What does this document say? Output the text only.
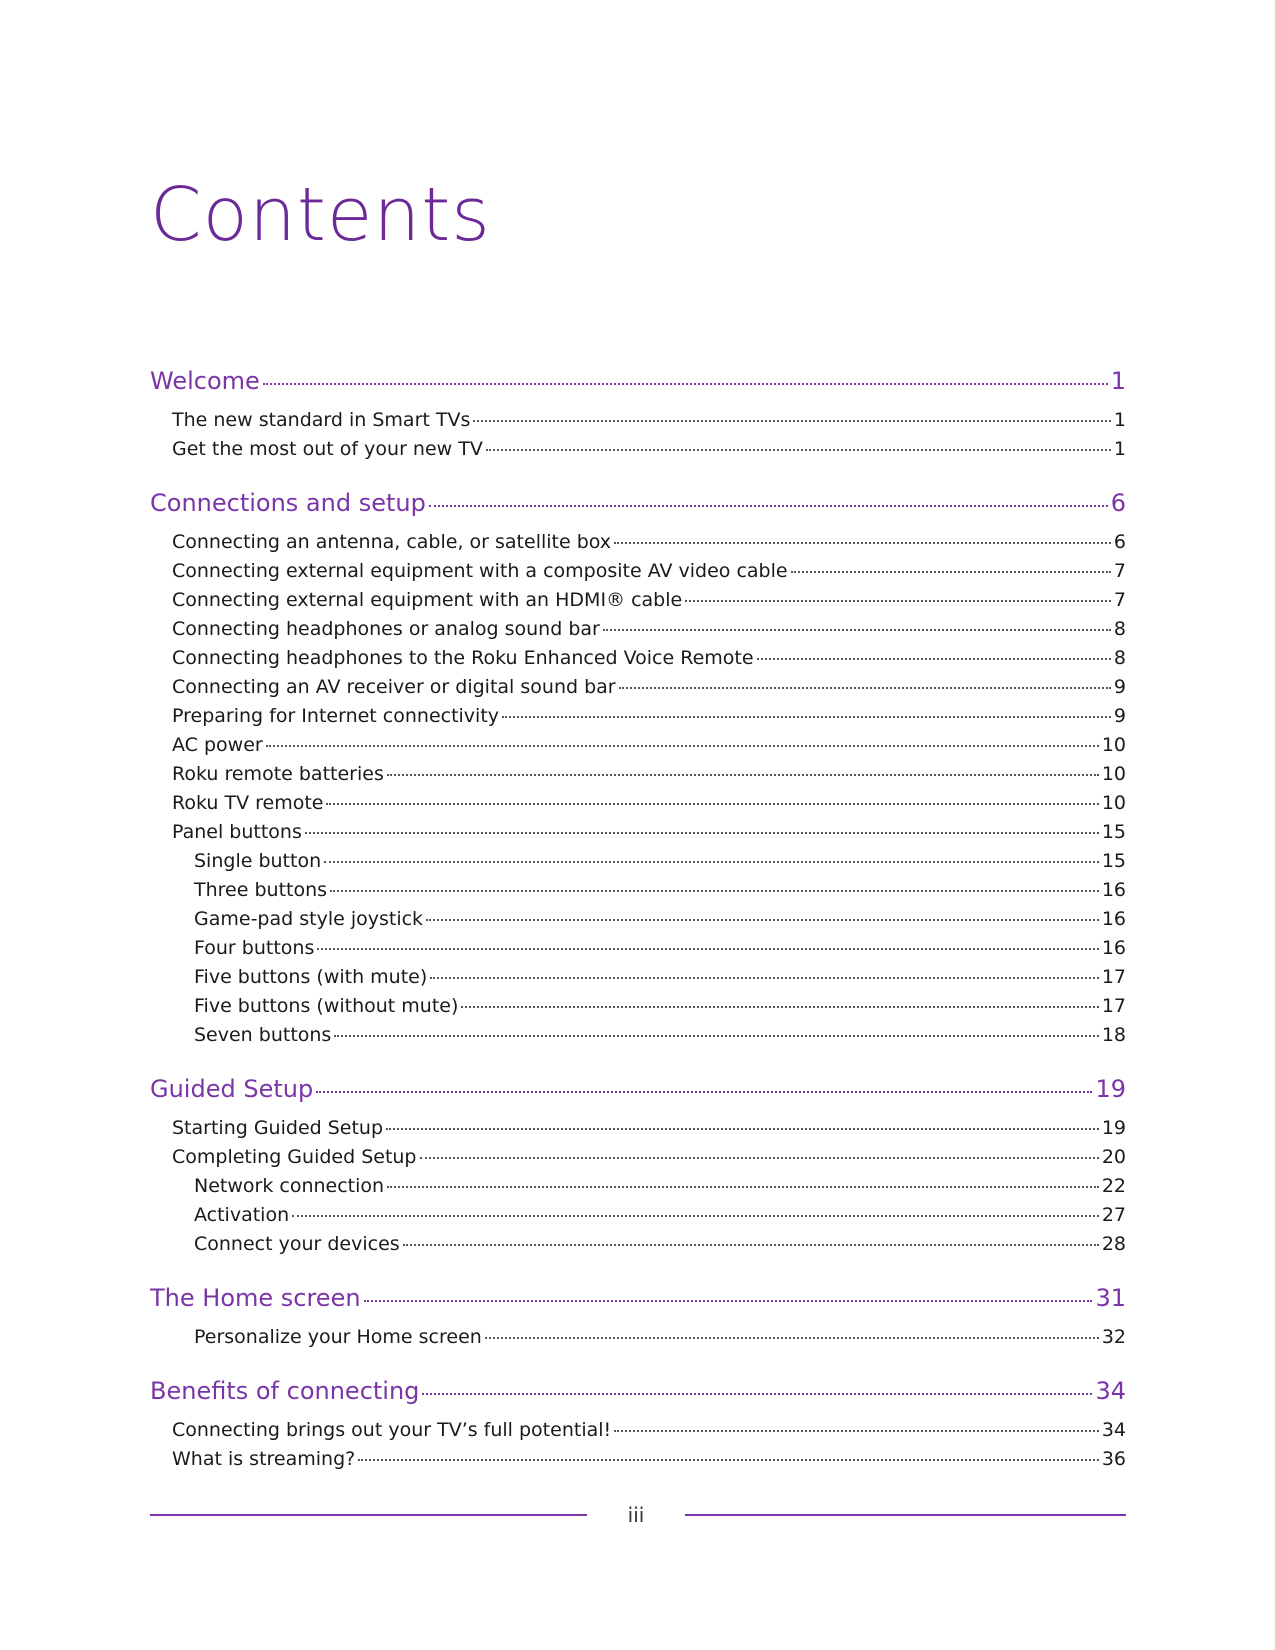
Contents
Welcome	1
The new standard in Smart TVs	1
Get the most out of your new TV	1
Connections and setup	6
Connecting an antenna, cable, or satellite box	6
Connecting external equipment with a composite AV video cable	7
Connecting external equipment with an HDMI® cable	7
Connecting headphones or analog sound bar	8
Connecting headphones to the Roku Enhanced Voice Remote	8
Connecting an AV receiver or digital sound bar	9
Preparing for Internet connectivity	9
AC power	10
Roku remote batteries	10
Roku TV remote	10
Panel buttons	15
Single button	15
Three buttons	16
Game-pad style joystick	16
Four buttons	16
Five buttons (with mute)	17
Five buttons (without mute)	17
Seven buttons	18
Guided Setup	19
Starting Guided Setup	19
Completing Guided Setup	20
Network connection	22
Activation	27
Connect your devices	28
The Home screen	31
Personalize your Home screen	32
Benefits of connecting	34
Connecting brings out your TV’s full potential!	34
What is streaming?	36
iii
